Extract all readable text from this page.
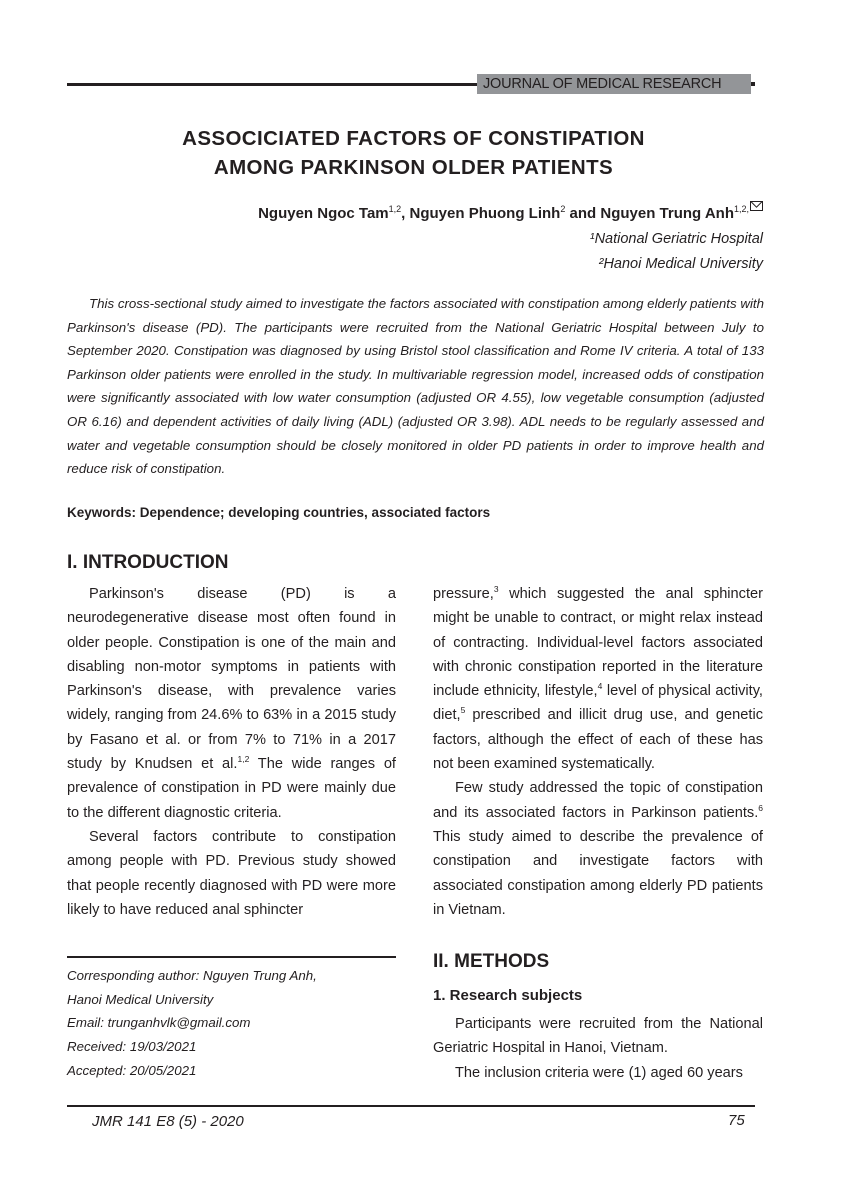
JOURNAL OF MEDICAL RESEARCH
ASSOCICIATED FACTORS OF CONSTIPATION
AMONG PARKINSON OLDER PATIENTS
Nguyen Ngoc Tam$^{1,2}$, Nguyen Phuong Linh$^2$ and Nguyen Trung Anh$^{1,2,}$
¹National Geriatric Hospital
²Hanoi Medical University
This cross-sectional study aimed to investigate the factors associated with constipation among elderly patients with Parkinson's disease (PD). The participants were recruited from the National Geriatric Hospital between July to September 2020. Constipation was diagnosed by using Bristol stool classification and Rome IV criteria. A total of 133 Parkinson older patients were enrolled in the study. In multivariable regression model, increased odds of constipation were significantly associated with low water consumption (adjusted OR 4.55), low vegetable consumption (adjusted OR 6.16) and dependent activities of daily living (ADL) (adjusted OR 3.98). ADL needs to be regularly assessed and water and vegetable consumption should be closely monitored in older PD patients in order to improve health and reduce risk of constipation.
Keywords: Dependence; developing countries, associated factors
I. INTRODUCTION

Parkinson's disease (PD) is a neurodegenerative disease most often found in older people. Constipation is one of the main and disabling non-motor symptoms in patients with Parkinson's disease, with prevalence varies widely, ranging from 24.6% to 63% in a 2015 study by Fasano et al. or from 7% to 71% in a 2017 study by Knudsen et al.$^{1,2}$ The wide ranges of prevalence of constipation in PD were mainly due to the different diagnostic criteria.

Several factors contribute to constipation among people with PD. Previous study showed that people recently diagnosed with PD were more likely to have reduced anal sphincter

Corresponding author: Nguyen Trung Anh,
Hanoi Medical University
Email: trunganhvlk@gmail.com
Received: 19/03/2021
Accepted: 20/05/2021

pressure,$^3$ which suggested the anal sphincter might be unable to contract, or might relax instead of contracting. Individual-level factors associated with chronic constipation reported in the literature include ethnicity, lifestyle,$^4$ level of physical activity, diet,$^5$ prescribed and illicit drug use, and genetic factors, although the effect of each of these has not been examined systematically.

Few study addressed the topic of constipation and its associated factors in Parkinson patients.$^6$ This study aimed to describe the prevalence of constipation and investigate factors with associated constipation among elderly PD patients in Vietnam.

II. METHODS
1. Research subjects

Participants were recruited from the National Geriatric Hospital in Hanoi, Vietnam.

The inclusion criteria were (1) aged 60 years

JMR 141 E8 (5) - 2020	75
